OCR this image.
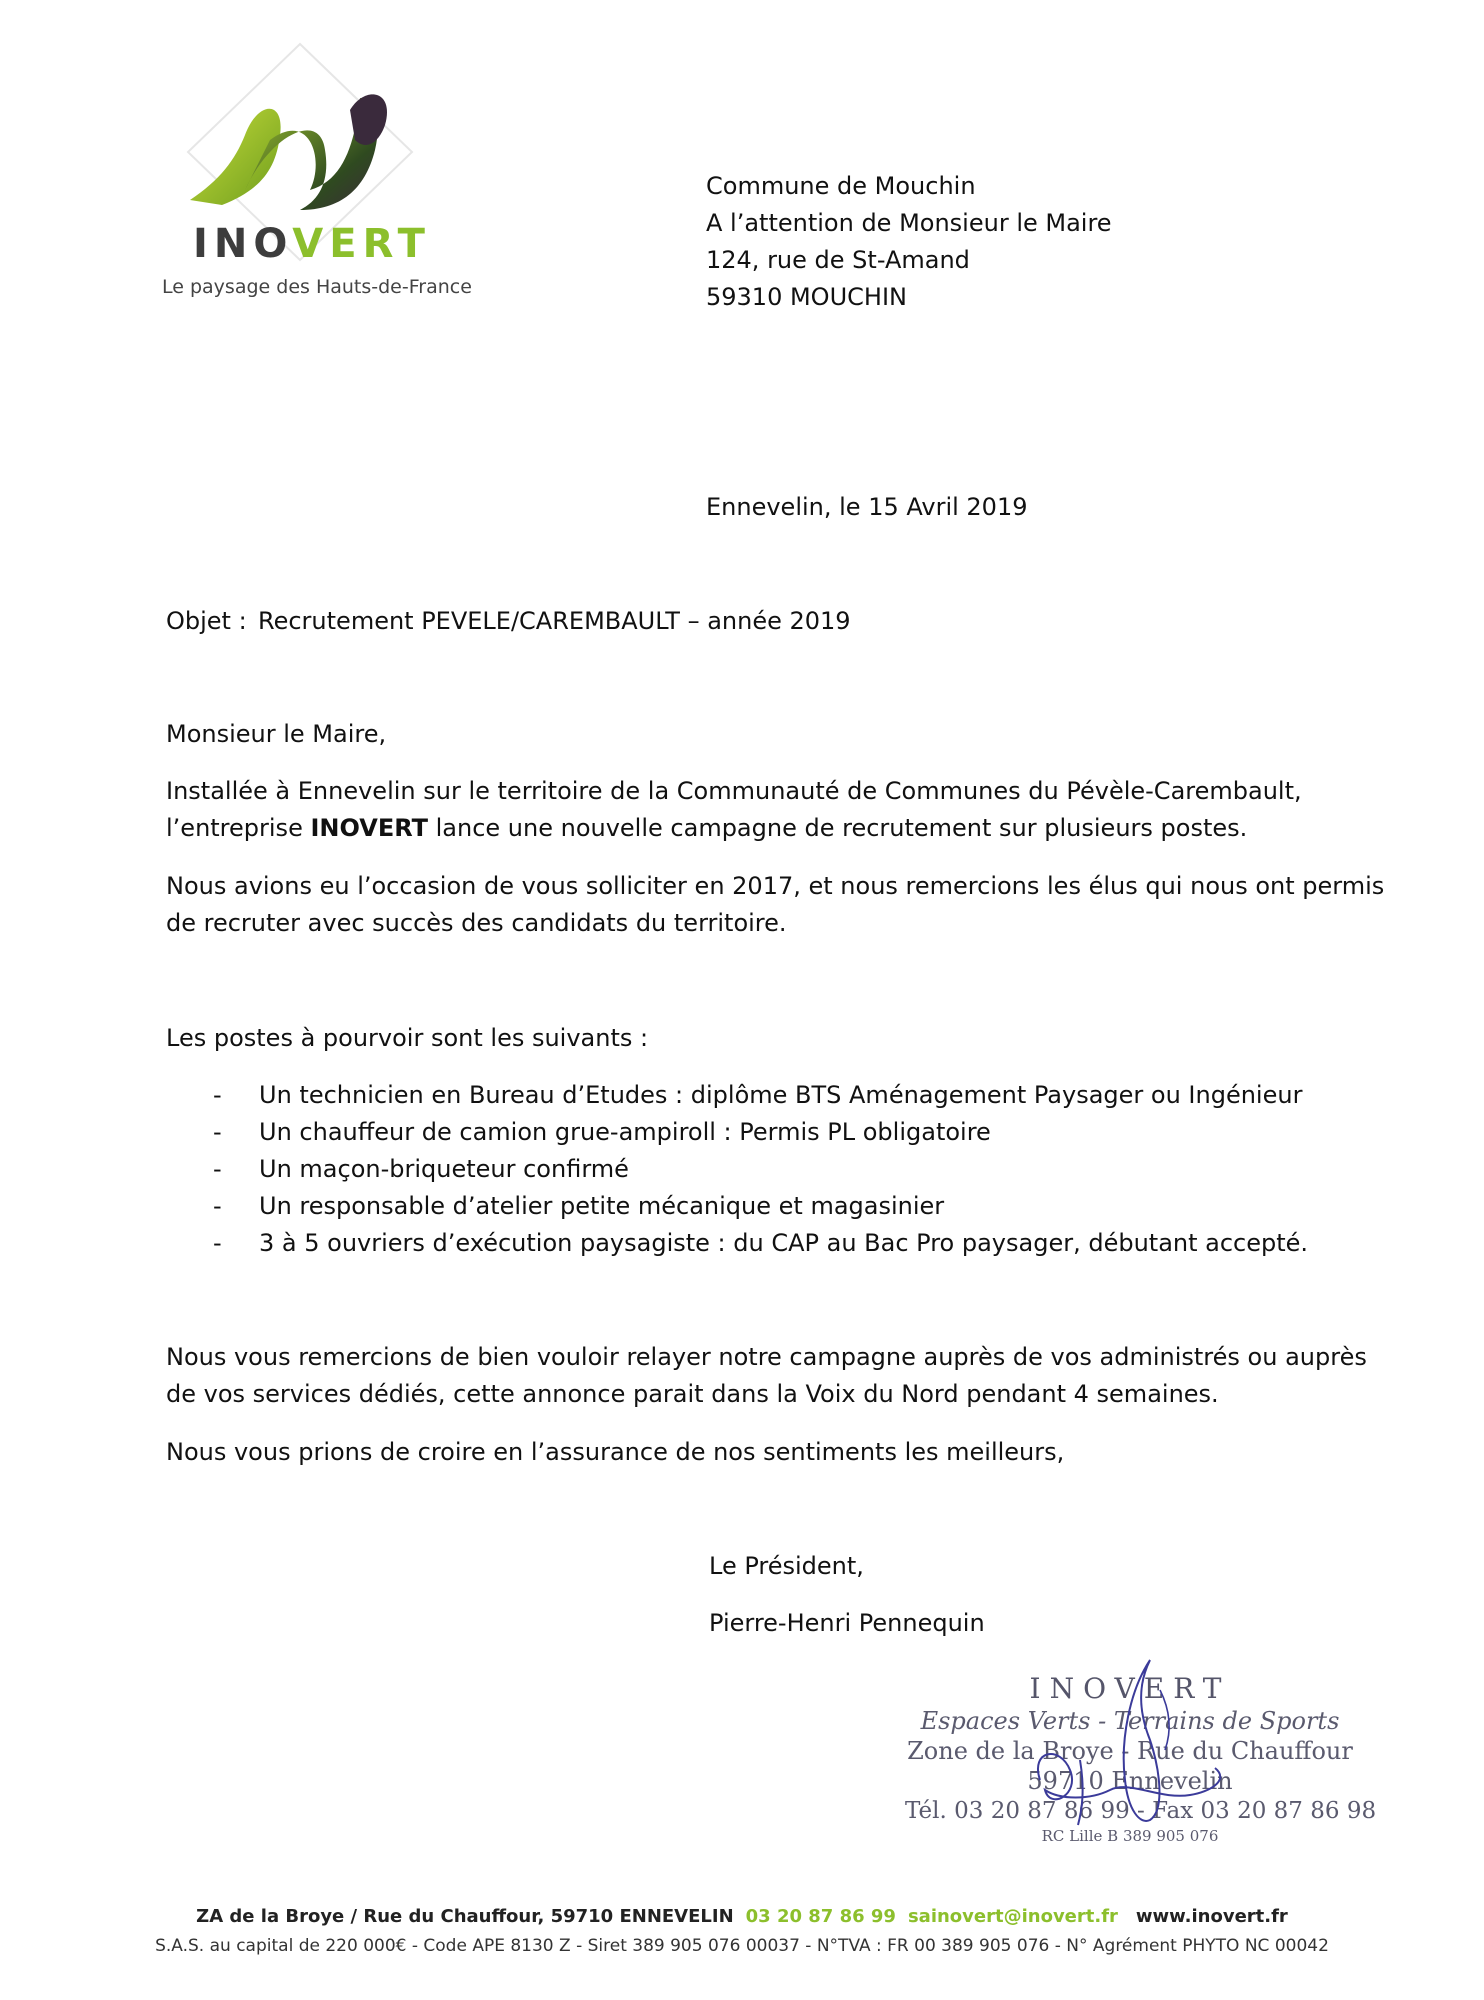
INOVERT
Le paysage des Hauts-de-France
Commune de Mouchin
A l’attention de Monsieur le Maire
124, rue de St-Amand
59310 MOUCHIN
Ennevelin, le 15 Avril 2019
Objet : Recrutement PEVELE/CAREMBAULT – année 2019
Monsieur le Maire,
Installée à Ennevelin sur le territoire de la Communauté de Communes du Pévèle-Carembault,
l’entreprise INOVERT lance une nouvelle campagne de recrutement sur plusieurs postes.
Nous avions eu l’occasion de vous solliciter en 2017, et nous remercions les élus qui nous ont permis
de recruter avec succès des candidats du territoire.
Les postes à pourvoir sont les suivants :
- Un technicien en Bureau d’Etudes : diplôme BTS Aménagement Paysager ou Ingénieur
- Un chauffeur de camion grue-ampiroll : Permis PL obligatoire
- Un maçon-briqueteur confirmé
- Un responsable d’atelier petite mécanique et magasinier
- 3 à 5 ouvriers d’exécution paysagiste : du CAP au Bac Pro paysager, débutant accepté.
Nous vous remercions de bien vouloir relayer notre campagne auprès de vos administrés ou auprès
de vos services dédiés, cette annonce parait dans la Voix du Nord pendant 4 semaines.
Nous vous prions de croire en l’assurance de nos sentiments les meilleurs,
Le Président,
Pierre-Henri Pennequin
INOVERT
Espaces Verts - Terrains de Sports
Zone de la Broye - Rue du Chauffour
59710 Ennevelin
Tél. 03 20 87 86 99 - Fax 03 20 87 86 98
RC Lille B 389 905 076
ZA de la Broye / Rue du Chauffour, 59710 ENNEVELIN 03 20 87 86 99 sainovert@inovert.fr www.inovert.fr
S.A.S. au capital de 220 000€ - Code APE 8130 Z - Siret 389 905 076 00037 - N°TVA : FR 00 389 905 076 - N° Agrément PHYTO NC 00042
